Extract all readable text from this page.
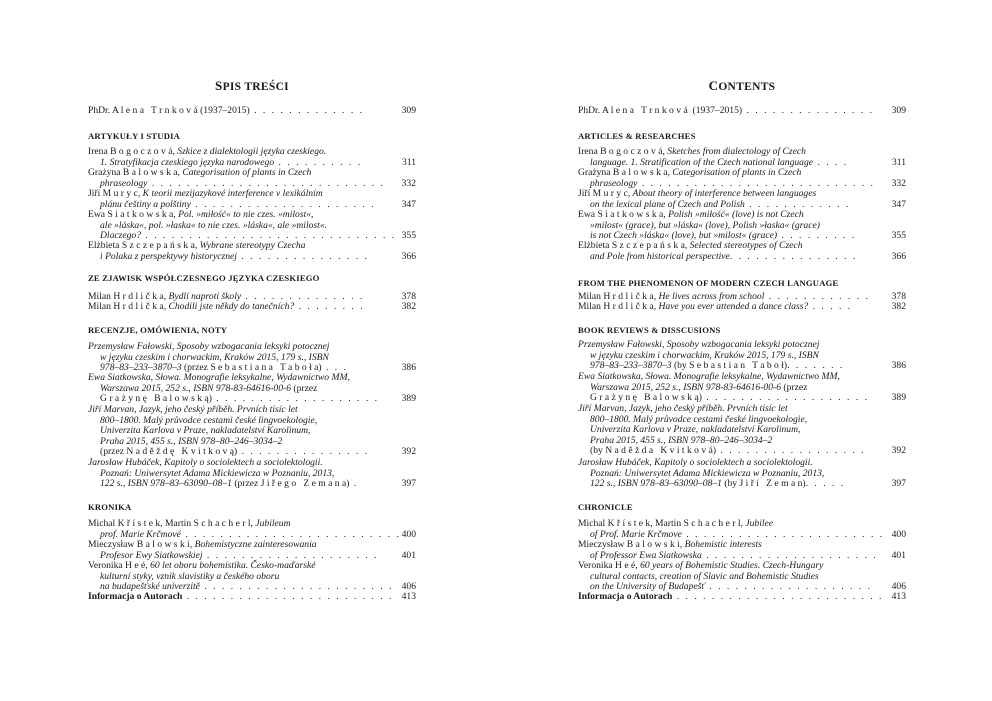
SPIS TREŚCI
PhDr. A l e n a   T r n k o v á (1937–2015) . . . . . . . . . . . . .	309
ARTYKUŁY I STUDIA
Irena B o g o c z o v á, Szkice z dialektologii języka czeskiego.
1. Stratyfikacja czeskiego języka narodowego . . . . . . . . . .	311
Grażyna B a l o w s k a, Categorisation of plants in Czech
phraseology . . . . . . . . . . . . . . . . . . . . . . . . . . .	332
Jiří M u r y c, K teorii mezijazykové interference v lexikálním
plánu češtiny a polštiny . . . . . . . . . . . . . . . . . . . . .	347
Ewa S i a t k o w s k a, Pol. »miłość« to nie czes. »milost«,
ale »láska«, pol. »łaska« to nie czes. »láska«, ale »milost«.
Dlaczego? . . . . . . . . . . . . . . . . . . . . . . . . . . . . . 355
Elżbieta S z c z e p a ń s k a, Wybrane stereotypy Czecha
i Polaka z perspektywy historycznej . . . . . . . . . . . . . . .	366
ZE ZJAWISK WSPÓŁCZESNEGO JĘZYKA CZESKIEGO
Milan H r d l i č k a, Bydlí naproti školy . . . . . . . . . . . . . .	378
Milan H r d l i č k a, Chodili jste někdy do tanečních? . . . . . . . .	382
RECENZJE, OMÓWIENIA, NOTY
Przemysław Fałowski, Sposoby wzbogacania leksyki potocznej
w języku czeskim i chorwackim, Kraków 2015, 179 s., ISBN
978–83–233–3870–3 (przez S e b a s t i a n a   T a b o ł a) . . .	386
Ewa Siatkowska, Słowa. Monografie leksykalne, Wydawnictwo MM,
Warszawa 2015, 252 s., ISBN 978-83-64616-00-6 (przez
G r a ż y n ę   B a l o w s k ą) . . . . . . . . . . . . . . . . . . .	389
Jiří Marvan, Jazyk, jeho český příběh. Prvních tisíc let
800–1800. Malý průvodce cestami české lingvoekologie,
Univerzita Karlova v Praze, nakladatelství Karolinum,
Praha 2015, 455 s., ISBN 978–80–246–3034–2
(przez N a d ě ž d ę   K v i t k o v ą) . . . . . . . . . . . . . . .	392
Jarosław Hubáček, Kapitoly o sociolektech a sociolektologii.
Poznań: Uniwersytet Adama Mickiewicza w Poznaniu, 2013,
122 s., ISBN 978–83–63090–08–1 (przez J i ř e g o   Z e m a n a) .	397
KRONIKA
Michal K ř í s t e k, Martin S c h a c h e r l, Jubileum
prof. Marie Krčmové . . . . . . . . . . . . . . . . . . . . . . . . . 400
Mieczysław B a l o w s k i, Bohemistyczne zainteresowania
Profesor Ewy Siatkowskiej . . . . . . . . . . . . . . . . . . . .	401
Veronika H e é, 60 let oboru bohemistika. Česko-maďarské
kulturní styky, vznik slavistiky a českého oboru
na budapešťské univerzitě . . . . . . . . . . . . . . . . . . . . . . 406
Informacja o Autorach . . . . . . . . . . . . . . . . . . . . . . . . 413
CONTENTS
PhDr. A l e n a   T r n k o v á  (1937–2015) . . . . . . . . . . . . . . .	309
ARTICLES & RESEARCHES
Irena B o g o c z o v á, Sketches from dialectology of Czech
language. 1. Stratification of the Czech national language . . . .	311
Grażyna B a l o w s k a, Categorisation of plants in Czech
phraseology . . . . . . . . . . . . . . . . . . . . . . . . . . .	332
Jiří M u r y c, About theory of interference between languages
on the lexical plane of Czech and Polish . . . . . . . . . . . .	347
Ewa S i a t k o w s k a, Polish »miłość« (love) is not Czech
»milost« (grace), but »láska« (love), Polish »łaska« (grace)
is not Czech »láska« (love), but »milost« (grace) . . . . . . . . .	355
Elżbieta S z c z e p a ń s k a, Selected stereotypes of Czech
and Pole from historical perspective. . . . . . . . . . . . . . .	366
FROM THE PHENOMENON OF MODERN CZECH LANGUAGE
Milan H r d l i č k a, He lives across from school . . . . . . . . . . . .	378
Milan H r d l i č k a, Have you ever attended a dance class? . . . . .	382
BOOK REVIEWS & DISSCUSIONS
Przemysław Fałowski, Sposoby wzbogacania leksyki potocznej
w języku czeskim i chorwackim, Kraków 2015, 179 s., ISBN
978–83–233–3870–3 (by S e b a s t i a n   T a b o ł). . . . . . .	386
Ewa Siatkowska, Słowa. Monografie leksykalne, Wydawnictwo MM,
Warszawa 2015, 252 s., ISBN 978-83-64616-00-6 (przez
G r a ż y n ę   B a l o w s k ą) . . . . . . . . . . . . . . . . . . .	389
Jiří Marvan, Jazyk, jeho český příběh. Prvních tisíc let
800–1800. Malý průvodce cestami české lingvoekologie,
Univerzita Karlova v Praze, nakladatelství Karolinum,
Praha 2015, 455 s., ISBN 978–80–246–3034–2
(by N a d ě ž d a   K v i t k o v á) . . . . . . . . . . . . . . . . .	392
Jarosław Hubáček, Kapitoly o sociolektech a sociolektologii.
Poznań: Uniwersytet Adama Mickiewicza w Poznaniu, 2013,
122 s., ISBN 978–83–63090–08–1 (by J i ř í   Z e m a n). . . . .	397
CHRONICLE
Michal K ř í s t e k, Martin S c h a c h e r l, Jubilee
of Prof. Marie Krčmove . . . . . . . . . . . . . . . . . . . . . . . 400
Mieczysław B a l o w s k i, Bohemistic interests
of Professor Ewa Siatkowska . . . . . . . . . . . . . . . . . . . .	401
Veronika H e é, 60 years of Bohemistic Studies. Czech-Hungary
cultural contacts, creation of Slavic and Bohemistic Studies
on the University of Budapešť . . . . . . . . . . . . . . . . . . .	406
Informacja o Autorach . . . . . . . . . . . . . . . . . . . . . . . . 413
